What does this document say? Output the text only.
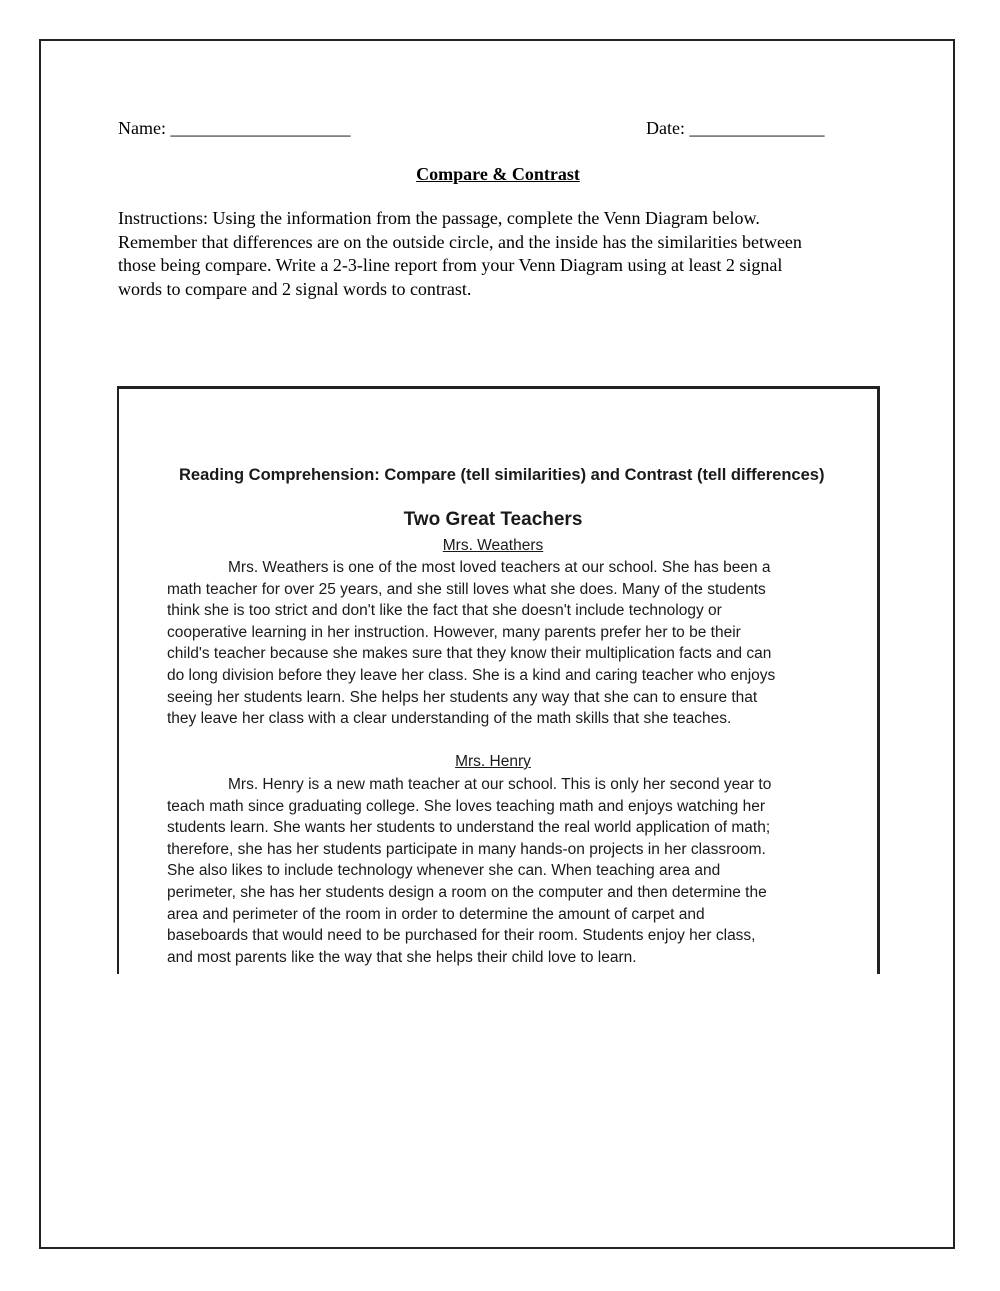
Name: ____________________	Date: _______________
Compare & Contrast
Instructions: Using the information from the passage, complete the Venn Diagram below.
Remember that differences are on the outside circle, and the inside has the similarities between
those being compare. Write a 2-3-line report from your Venn Diagram using at least 2 signal
words to compare and 2 signal words to contrast.
Reading Comprehension: Compare (tell similarities) and Contrast (tell differences)
Two Great Teachers
Mrs. Weathers
Mrs. Weathers is one of the most loved teachers at our school. She has been a
math teacher for over 25 years, and she still loves what she does. Many of the students
think she is too strict and don't like the fact that she doesn't include technology or
cooperative learning in her instruction. However, many parents prefer her to be their
child's teacher because she makes sure that they know their multiplication facts and can
do long division before they leave her class. She is a kind and caring teacher who enjoys
seeing her students learn. She helps her students any way that she can to ensure that
they leave her class with a clear understanding of the math skills that she teaches.
Mrs. Henry
Mrs. Henry is a new math teacher at our school. This is only her second year to
teach math since graduating college. She loves teaching math and enjoys watching her
students learn. She wants her students to understand the real world application of math;
therefore, she has her students participate in many hands-on projects in her classroom.
She also likes to include technology whenever she can. When teaching area and
perimeter, she has her students design a room on the computer and then determine the
area and perimeter of the room in order to determine the amount of carpet and
baseboards that would need to be purchased for their room. Students enjoy her class,
and most parents like the way that she helps their child love to learn.
